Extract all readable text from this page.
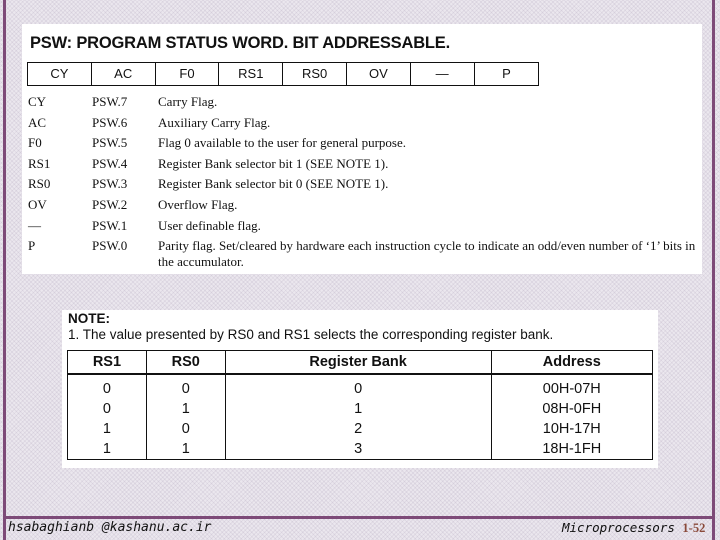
PSW: PROGRAM STATUS WORD. BIT ADDRESSABLE.
CY	AC	F0	RS1	RS0	OV	—	P
CY	PSW.7	Carry Flag.
AC	PSW.6	Auxiliary Carry Flag.
F0	PSW.5	Flag 0 available to the user for general purpose.
RS1	PSW.4	Register Bank selector bit 1 (SEE NOTE 1).
RS0	PSW.3	Register Bank selector bit 0 (SEE NOTE 1).
OV	PSW.2	Overflow Flag.
—	PSW.1	User definable flag.
P	PSW.0	Parity flag. Set/cleared by hardware each instruction cycle to indicate an odd/even number of ‘1’ bits in the accumulator.
NOTE:
1. The value presented by RS0 and RS1 selects the corresponding register bank.
RS1	RS0	Register Bank	Address
0	0	0	00H-07H
0	1	1	08H-0FH
1	0	2	10H-17H
1	1	3	18H-1FH
hsabaghianb @kashanu.ac.ir	Microprocessors 1-52
